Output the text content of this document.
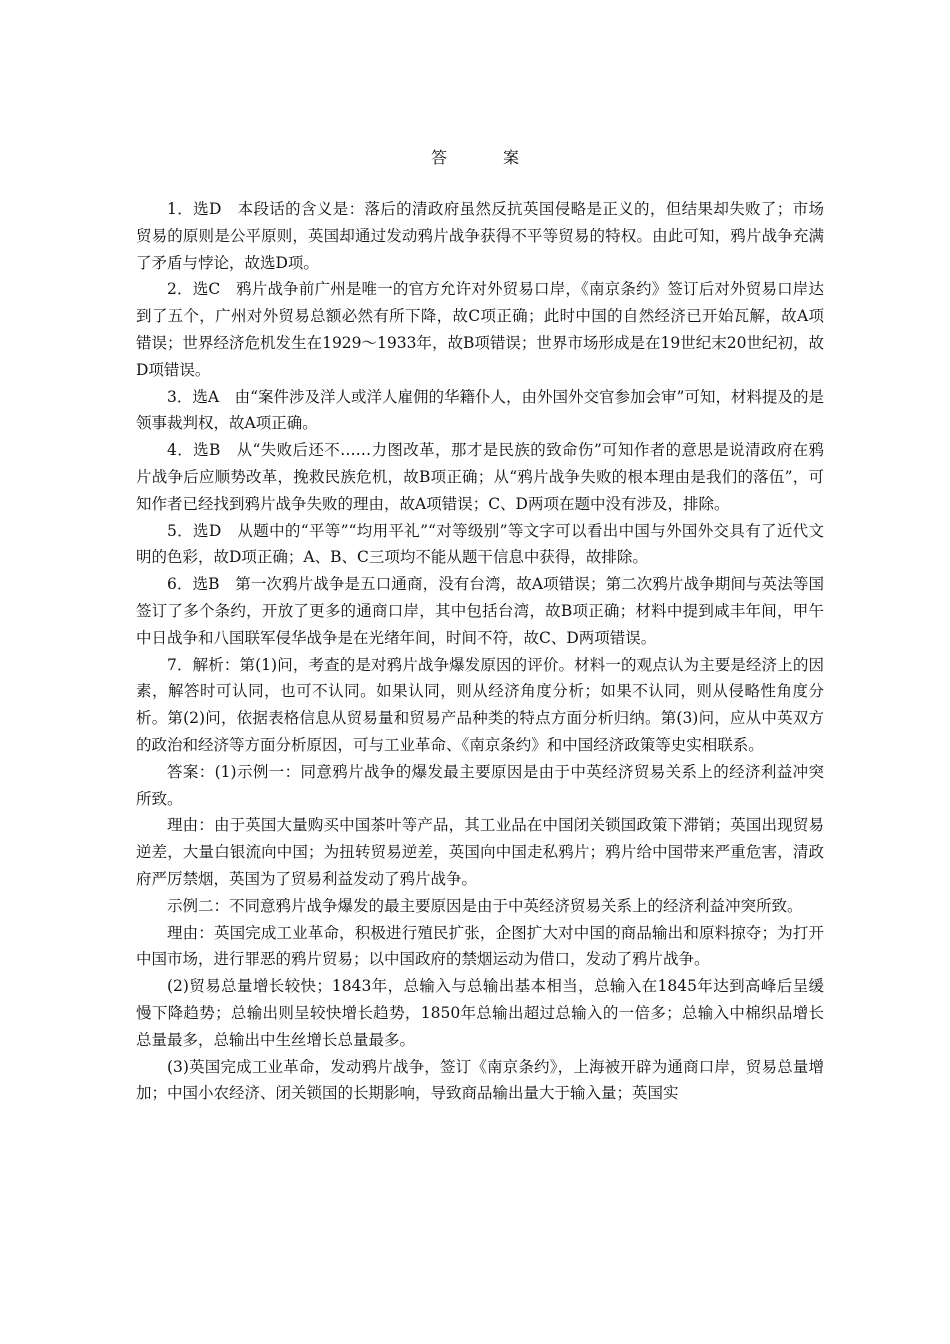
答　案

1．选D　本段话的含义是：落后的清政府虽然反抗英国侵略是正义的，但结果却失败了；市场贸易的原则是公平原则，英国却通过发动鸦片战争获得不平等贸易的特权。由此可知，鸦片战争充满了矛盾与悖论，故选D项。

2．选C　鸦片战争前广州是唯一的官方允许对外贸易口岸，《南京条约》签订后对外贸易口岸达到了五个，广州对外贸易总额必然有所下降，故C项正确；此时中国的自然经济已开始瓦解，故A项错误；世界经济危机发生在1929～1933年，故B项错误；世界市场形成是在19世纪末20世纪初，故D项错误。

3．选A　由“案件涉及洋人或洋人雇佣的华籍仆人，由外国外交官参加会审”可知，材料提及的是领事裁判权，故A项正确。

4．选B　从“失败后还不……力图改革，那才是民族的致命伤”可知作者的意思是说清政府在鸦片战争后应顺势改革，挽救民族危机，故B项正确；从“鸦片战争失败的根本理由是我们的落伍”，可知作者已经找到鸦片战争失败的理由，故A项错误；C、D两项在题中没有涉及，排除。

5．选D　从题中的“平等”“均用平礼”“对等级别”等文字可以看出中国与外国外交具有了近代文明的色彩，故D项正确；A、B、C三项均不能从题干信息中获得，故排除。

6．选B　第一次鸦片战争是五口通商，没有台湾，故A项错误；第二次鸦片战争期间与英法等国签订了多个条约，开放了更多的通商口岸，其中包括台湾，故B项正确；材料中提到咸丰年间，甲午中日战争和八国联军侵华战争是在光绪年间，时间不符，故C、D两项错误。

7．解析：第(1)问，考查的是对鸦片战争爆发原因的评价。材料一的观点认为主要是经济上的因素，解答时可认同，也可不认同。如果认同，则从经济角度分析；如果不认同，则从侵略性角度分析。第(2)问，依据表格信息从贸易量和贸易产品种类的特点方面分析归纳。第(3)问，应从中英双方的政治和经济等方面分析原因，可与工业革命、《南京条约》和中国经济政策等史实相联系。

答案：(1)示例一：同意鸦片战争的爆发最主要原因是由于中英经济贸易关系上的经济利益冲突所致。

理由：由于英国大量购买中国茶叶等产品，其工业品在中国闭关锁国政策下滞销；英国出现贸易逆差，大量白银流向中国；为扭转贸易逆差，英国向中国走私鸦片；鸦片给中国带来严重危害，清政府严厉禁烟，英国为了贸易利益发动了鸦片战争。

示例二：不同意鸦片战争爆发的最主要原因是由于中英经济贸易关系上的经济利益冲突所致。

理由：英国完成工业革命，积极进行殖民扩张，企图扩大对中国的商品输出和原料掠夺；为打开中国市场，进行罪恶的鸦片贸易；以中国政府的禁烟运动为借口，发动了鸦片战争。

(2)贸易总量增长较快；1843年，总输入与总输出基本相当，总输入在1845年达到高峰后呈缓慢下降趋势；总输出则呈较快增长趋势，1850年总输出超过总输入的一倍多；总输入中棉织品增长总量最多，总输出中生丝增长总量最多。

(3)英国完成工业革命，发动鸦片战争，签订《南京条约》，上海被开辟为通商口岸，贸易总量增加；中国小农经济、闭关锁国的长期影响，导致商品输出量大于输入量；英国实
